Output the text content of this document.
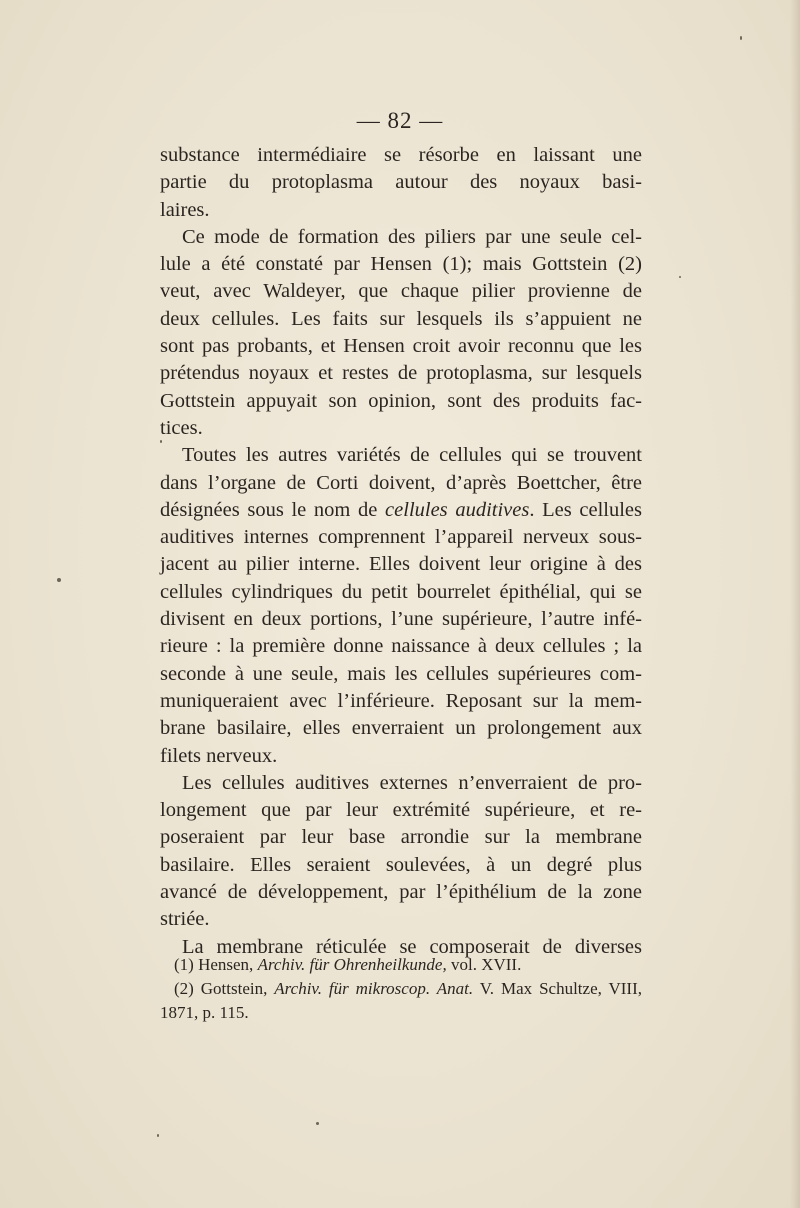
— 82 —
substance intermédiaire se résorbe en laissant une
partie du protoplasma autour des noyaux basi-
laires.
Ce mode de formation des piliers par une seule cel-
lule a été constaté par Hensen (1); mais Gottstein (2)
veut, avec Waldeyer, que chaque pilier provienne de
deux cellules. Les faits sur lesquels ils s’appuient ne
sont pas probants, et Hensen croit avoir reconnu que les
prétendus noyaux et restes de protoplasma, sur lesquels
Gottstein appuyait son opinion, sont des produits fac-
tices.
Toutes les autres variétés de cellules qui se trouvent
dans l’organe de Corti doivent, d’après Boettcher, être
désignées sous le nom de cellules auditives. Les cellules
auditives internes comprennent l’appareil nerveux sous-
jacent au pilier interne. Elles doivent leur origine à des
cellules cylindriques du petit bourrelet épithélial, qui se
divisent en deux portions, l’une supérieure, l’autre infé-
rieure : la première donne naissance à deux cellules ; la
seconde à une seule, mais les cellules supérieures com-
muniqueraient avec l’inférieure. Reposant sur la mem-
brane basilaire, elles enverraient un prolongement aux
filets nerveux.
Les cellules auditives externes n’enverraient de pro-
longement que par leur extrémité supérieure, et re-
poseraient par leur base arrondie sur la membrane
basilaire. Elles seraient soulevées, à un degré plus
avancé de développement, par l’épithélium de la zone
striée.
La membrane réticulée se composerait de diverses
(1) Hensen, Archiv. für Ohrenheilkunde, vol. XVII.
(2) Gottstein, Archiv. für mikroscop. Anat. V. Max Schultze, VIII,
1871, p. 115.
